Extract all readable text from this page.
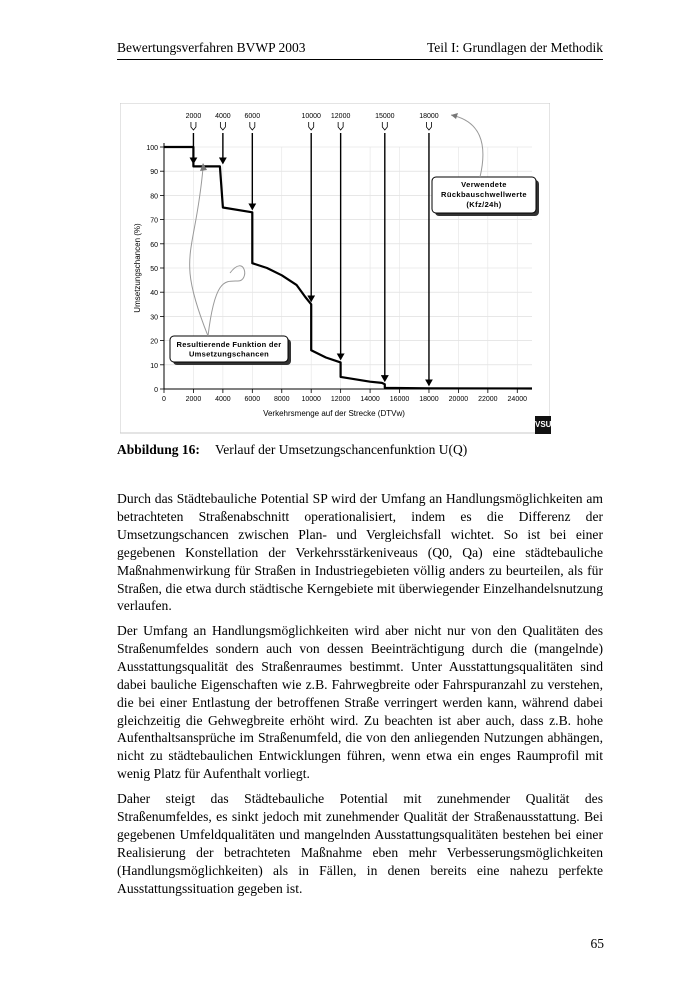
Bewertungsverfahren BVWP 2003	Teil I: Grundlagen der Methodik
0
10
20
30
40
50
60
70
80
90
100
0	2000 4000 6000 8000 10000 12000 14000 16000 18000 20000 22000 24000
Verkehrsmenge auf der Strecke (DTVw)
Umsetzungschancen (%)
2000 4000 6000	10000 12000	15000	18000
Verwendete
Rückbauschwellwerte
(Kfz/24h)
Resultierende Funktion der
Umsetzungschancen
VSU
Abbildung 16: Verlauf der Umsetzungschancenfunktion U(Q)
Durch das Städtebauliche Potential SP wird der Umfang an Handlungsmöglichkeiten am betrachteten Straßenabschnitt operationalisiert, indem es die Differenz der Umsetzungschancen zwischen Plan- und Vergleichsfall wichtet. So ist bei einer gegebenen Konstellation der Verkehrsstärkeniveaus (Q0, Qa) eine städtebauliche Maßnahmenwirkung für Straßen in Industriegebieten völlig anders zu beurteilen, als für Straßen, die etwa durch städtische Kerngebiete mit überwiegender Einzelhandelsnutzung verlaufen.
Der Umfang an Handlungsmöglichkeiten wird aber nicht nur von den Qualitäten des Straßenumfeldes sondern auch von dessen Beeinträchtigung durch die (mangelnde) Ausstattungsqualität des Straßenraumes bestimmt. Unter Ausstattungsqualitäten sind dabei bauliche Eigenschaften wie z.B. Fahrwegbreite oder Fahrspuranzahl zu verstehen, die bei einer Entlastung der betroffenen Straße verringert werden kann, während dabei gleichzeitig die Gehwegbreite erhöht wird. Zu beachten ist aber auch, dass z.B. hohe Aufenthaltsansprüche im Straßenumfeld, die von den anliegenden Nutzungen abhängen, nicht zu städtebaulichen Entwicklungen führen, wenn etwa ein enges Raumprofil mit wenig Platz für Aufenthalt vorliegt.
Daher steigt das Städtebauliche Potential mit zunehmender Qualität des Straßenumfeldes, es sinkt jedoch mit zunehmender Qualität der Straßenausstattung. Bei gegebenen Umfeldqualitäten und mangelnden Ausstattungsqualitäten bestehen bei einer Realisierung der betrachteten Maßnahme eben mehr Verbesserungsmöglichkeiten (Handlungsmöglichkeiten) als in Fällen, in denen bereits eine nahezu perfekte Ausstattungssituation gegeben ist.
65
